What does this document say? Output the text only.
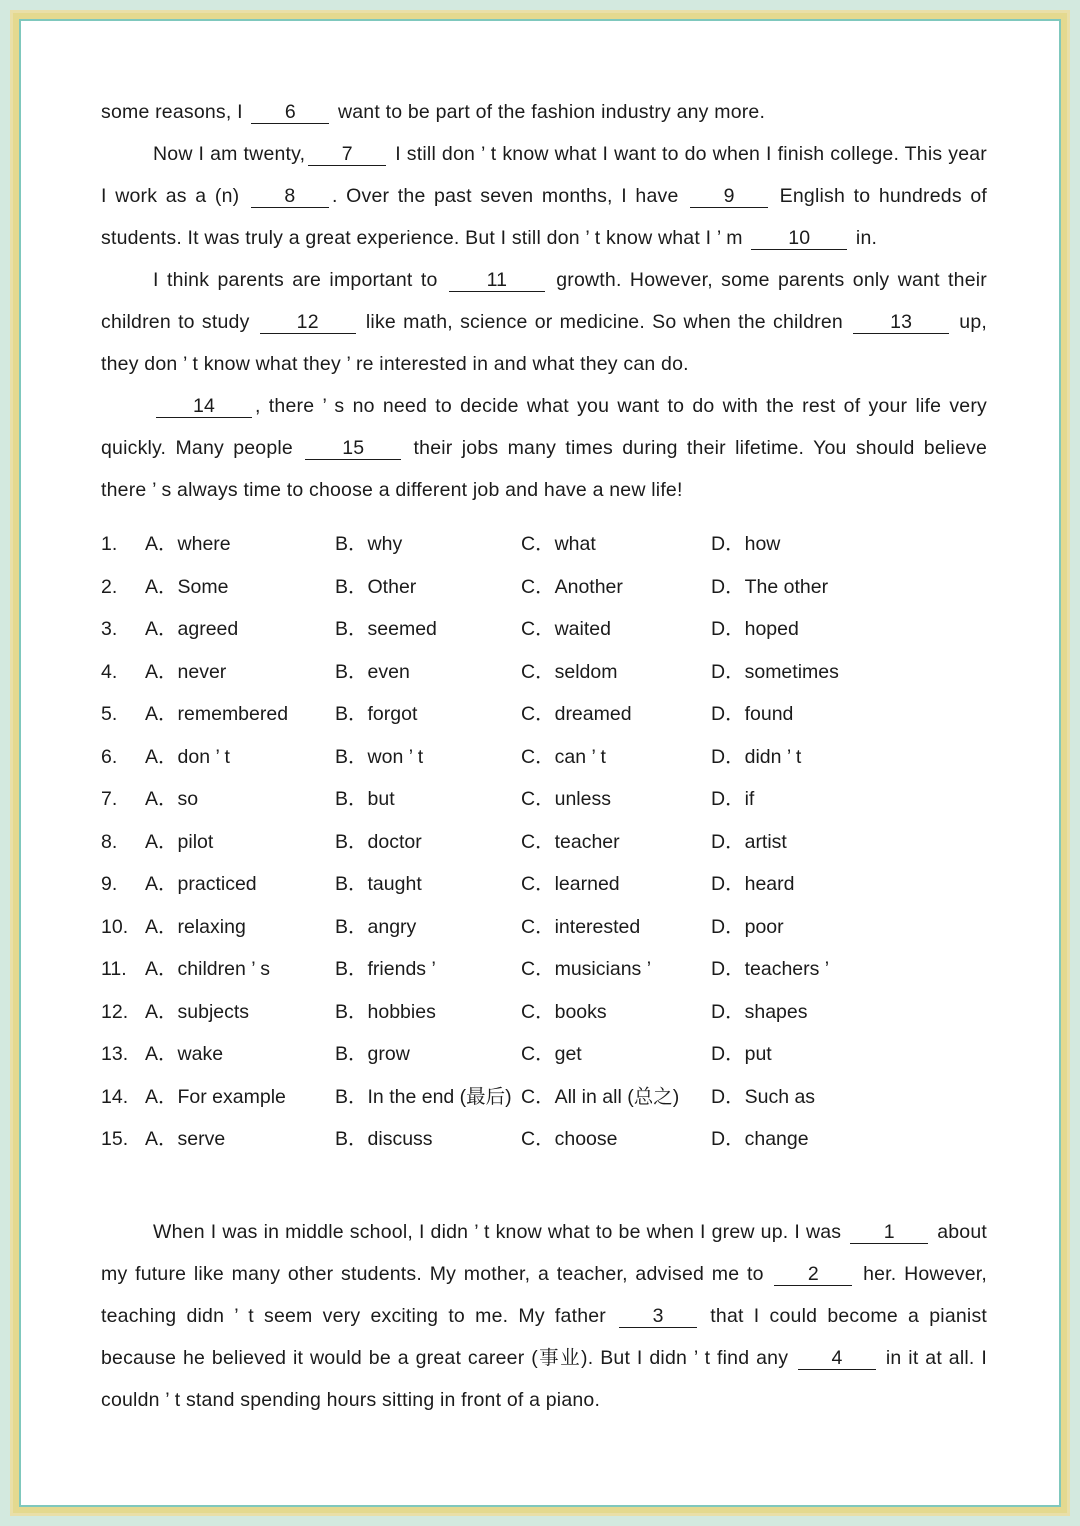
some reasons, I 6 want to be part of the fashion industry any more.

Now I am twenty, 7 I still don ’ t know what I want to do when I finish college. This year I work as a (n) 8 . Over the past seven months, I have 9 English to hundreds of students. It was truly a great experience. But I still don ’ t know what I ’ m 10 in.

I think parents are important to 11 growth. However, some parents only want their children to study 12 like math, science or medicine. So when the children 13 up, they don ’ t know what they ’ re interested in and what they can do.

14 , there ’ s no need to decide what you want to do with the rest of your life very quickly. Many people 15 their jobs many times during their lifetime. You should believe there ’ s always time to choose a different job and have a new life!

1.	A．where	B．why	C．what	D．how
2.	A．Some	B．Other	C．Another	D．The other
3.	A．agreed	B．seemed	C．waited	D．hoped
4.	A．never	B．even	C．seldom	D．sometimes
5.	A．remembered	B．forgot	C．dreamed	D．found
6.	A．don ’ t	B．won ’ t	C．can ’ t	D．didn ’ t
7.	A．so	B．but	C．unless	D．if
8.	A．pilot	B．doctor	C．teacher	D．artist
9.	A．practiced	B．taught	C．learned	D．heard
10. A．relaxing	B．angry	C．interested	D．poor
11. A．children ’ s	B．friends ’	C．musicians ’	D．teachers ’
12. A．subjects	B．hobbies	C．books	D．shapes
13. A．wake	B．grow	C．get	D．put
14. A．For example	B．In the end (最后) C．All in all (总之)	D．Such as
15. A．serve	B．discuss	C．choose	D．change

When I was in middle school, I didn ’ t know what to be when I grew up. I was 1 about my future like many other students. My mother, a teacher, advised me to 2 her. However, teaching didn ’ t seem very exciting to me. My father 3 that I could become a pianist because he believed it would be a great career (事业). But I didn ’ t find any 4 in it at all. I couldn ’ t stand spending hours sitting in front of a piano.
